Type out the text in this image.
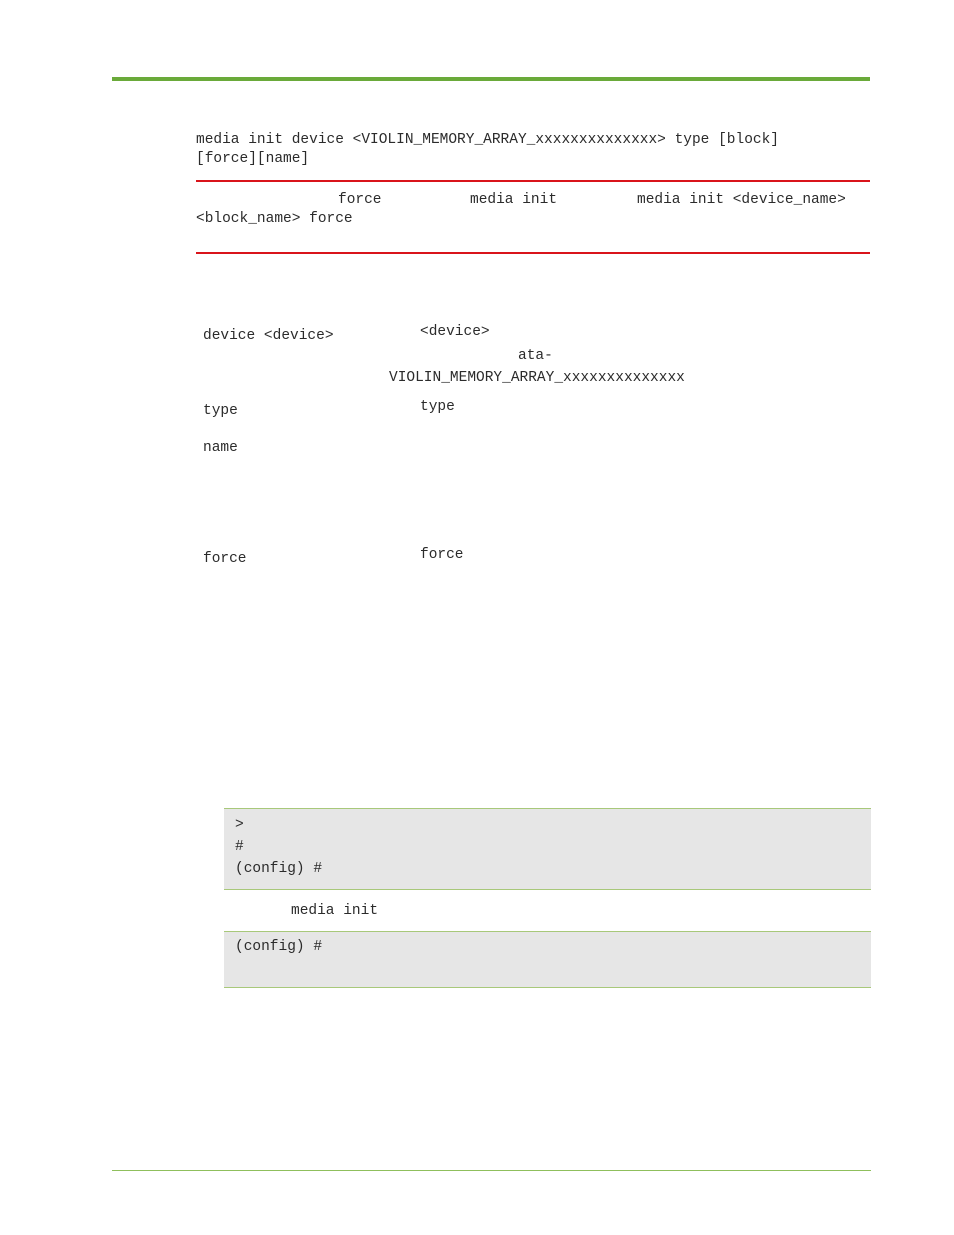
media init device <VIOLIN_MEMORY_ARRAY_xxxxxxxxxxxxxx> type [block]
[force][name]
force	media init	media init <device_name>
<block_name> force
device <device>	<device>
ata-
VIOLIN_MEMORY_ARRAY_xxxxxxxxxxxxxx
type	type
name
force	force
>
#
(config) #
media init
(config) #
